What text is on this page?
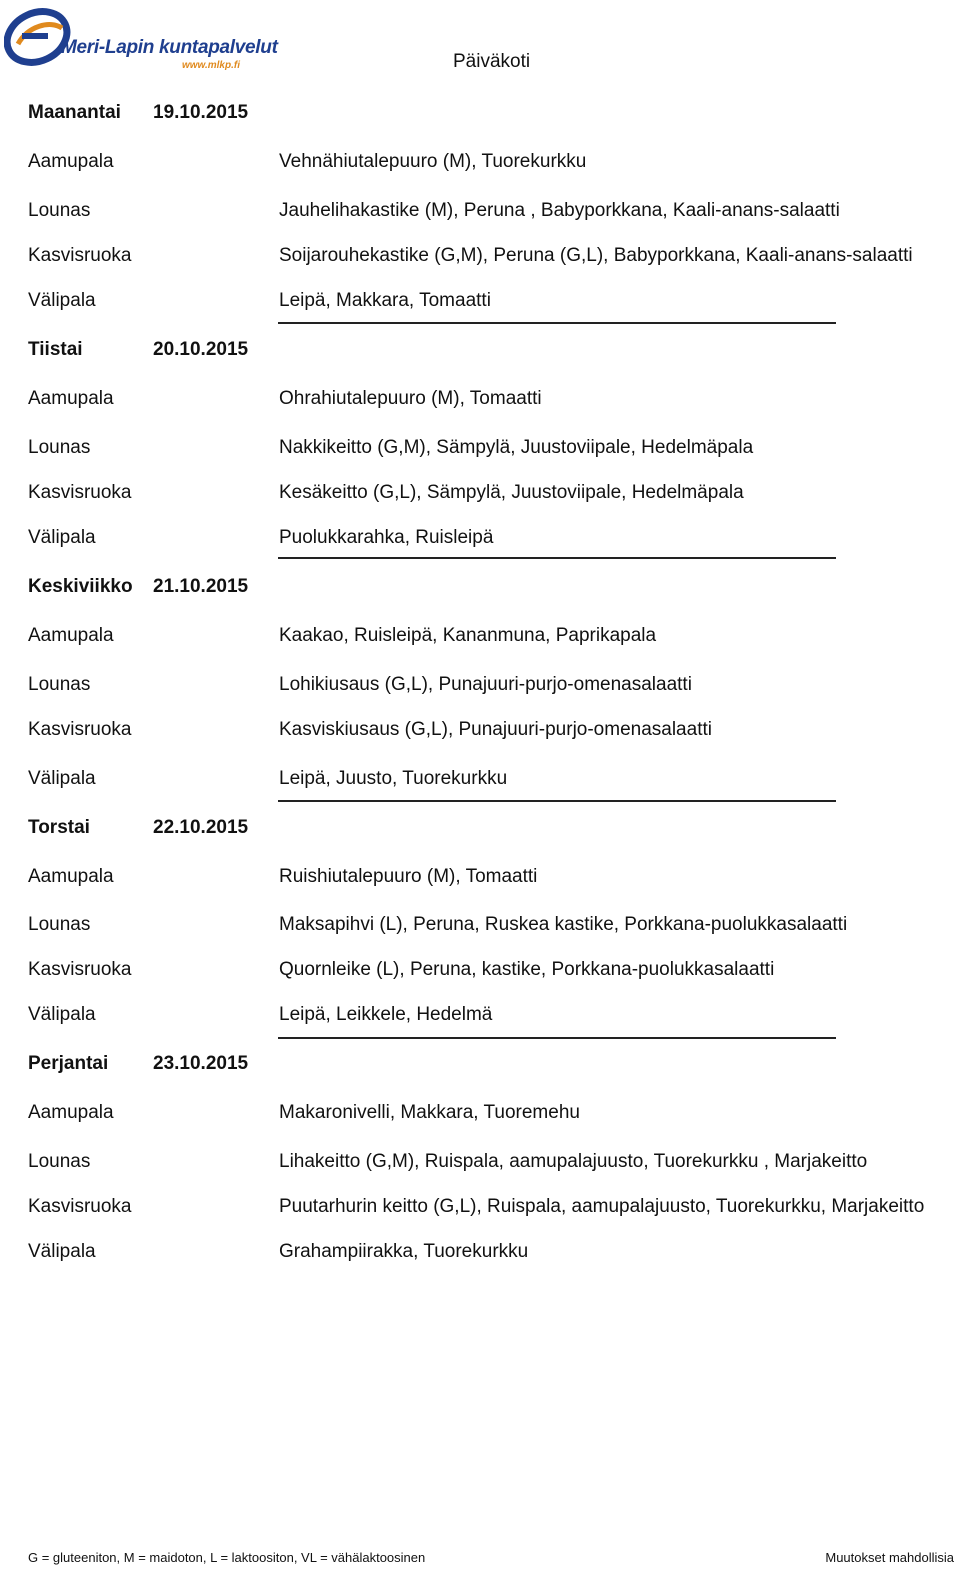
Meri-Lapin kuntapalvelut
www.mlkp.fi	Päiväkoti
Maanantai 19.10.2015
Aamupala	Vehnähiutalepuuro (M), Tuorekurkku
Lounas	Jauhelihakastike (M), Peruna , Babyporkkana, Kaali-anans-salaatti
Kasvisruoka	Soijarouhekastike (G,M), Peruna (G,L), Babyporkkana, Kaali-anans-salaatti
Välipala	Leipä, Makkara, Tomaatti
Tiistai	20.10.2015
Aamupala	Ohrahiutalepuuro (M), Tomaatti
Lounas	Nakkikeitto (G,M), Sämpylä, Juustoviipale, Hedelmäpala
Kasvisruoka	Kesäkeitto (G,L), Sämpylä, Juustoviipale, Hedelmäpala
Välipala	Puolukkarahka, Ruisleipä
Keskiviikko 21.10.2015
Aamupala	Kaakao, Ruisleipä, Kananmuna, Paprikapala
Lounas	Lohikiusaus (G,L), Punajuuri-purjo-omenasalaatti
Kasvisruoka	Kasviskiusaus (G,L), Punajuuri-purjo-omenasalaatti
Välipala	Leipä, Juusto, Tuorekurkku
Torstai	22.10.2015
Aamupala	Ruishiutalepuuro (M), Tomaatti
Lounas	Maksapihvi (L), Peruna, Ruskea kastike, Porkkana-puolukkasalaatti
Kasvisruoka	Quornleike (L), Peruna, kastike, Porkkana-puolukkasalaatti
Välipala	Leipä, Leikkele, Hedelmä
Perjantai 23.10.2015
Aamupala	Makaronivelli, Makkara, Tuoremehu
Lounas	Lihakeitto (G,M), Ruispala, aamupalajuusto, Tuorekurkku , Marjakeitto
Kasvisruoka	Puutarhurin keitto (G,L), Ruispala, aamupalajuusto, Tuorekurkku, Marjakeitto
Välipala	Grahampiirakka, Tuorekurkku
G = gluteeniton, M = maidoton, L = laktoositon, VL = vähälaktoosinen	Muutokset mahdollisia
